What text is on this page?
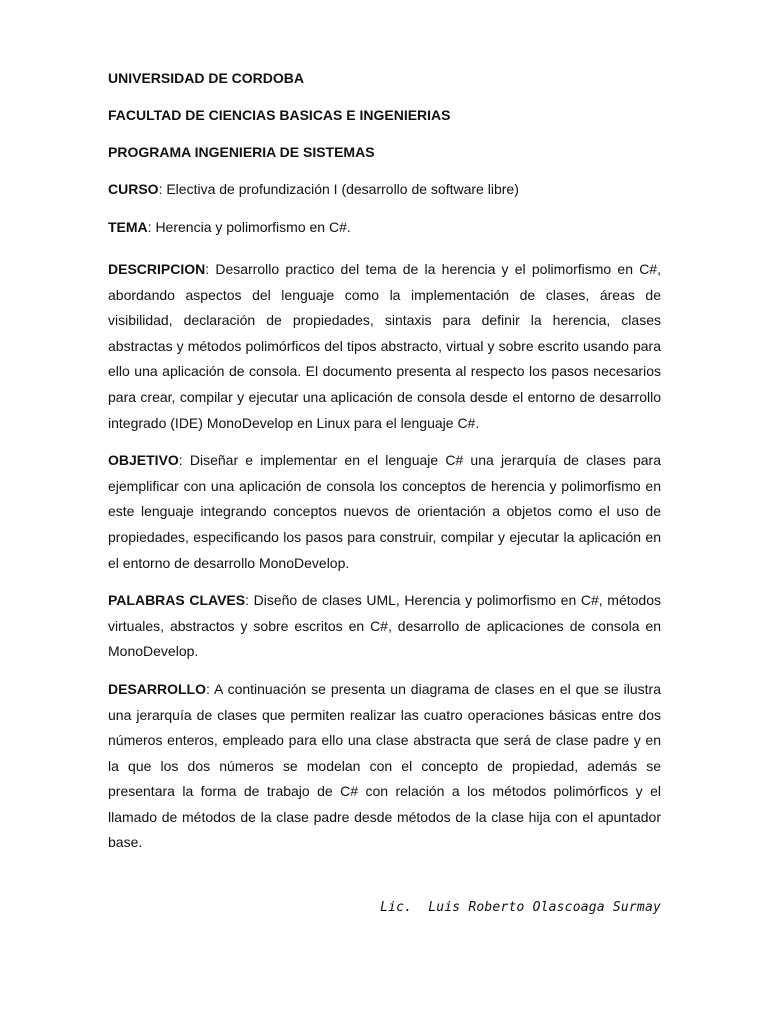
UNIVERSIDAD DE CORDOBA

FACULTAD DE CIENCIAS BASICAS E INGENIERIAS

PROGRAMA INGENIERIA DE SISTEMAS

CURSO: Electiva de profundización I (desarrollo de software libre)

TEMA: Herencia y polimorfismo en C#.

DESCRIPCION: Desarrollo practico del tema de la herencia y el polimorfismo en C#, abordando aspectos del lenguaje como la implementación de clases, áreas de visibilidad, declaración de propiedades, sintaxis para definir la herencia, clases abstractas y métodos polimórficos del tipos abstracto, virtual y sobre escrito usando para ello una aplicación de consola. El documento presenta al respecto los pasos necesarios para crear, compilar y ejecutar una aplicación de consola desde el entorno de desarrollo integrado (IDE) MonoDevelop en Linux para el lenguaje C#.

OBJETIVO: Diseñar e implementar en el lenguaje C# una jerarquía de clases para ejemplificar con una aplicación de consola los conceptos de herencia y polimorfismo en este lenguaje integrando conceptos nuevos de orientación a objetos como el uso de propiedades, especificando los pasos para construir, compilar y ejecutar la aplicación en el entorno de desarrollo MonoDevelop.

PALABRAS CLAVES: Diseño de clases UML, Herencia y polimorfismo en C#, métodos virtuales, abstractos y sobre escritos en C#, desarrollo de aplicaciones de consola en MonoDevelop.

DESARROLLO: A continuación se presenta un diagrama de clases en el que se ilustra una jerarquía de clases que permiten realizar las cuatro operaciones básicas entre dos números enteros, empleado para ello una clase abstracta que será de clase padre y en la que los dos números se modelan con el concepto de propiedad, además se presentara la forma de trabajo de C# con relación a los métodos polimórficos y el llamado de métodos de la clase padre desde métodos de la clase hija con el apuntador base.

Lic.  Luis Roberto Olascoaga Surmay
